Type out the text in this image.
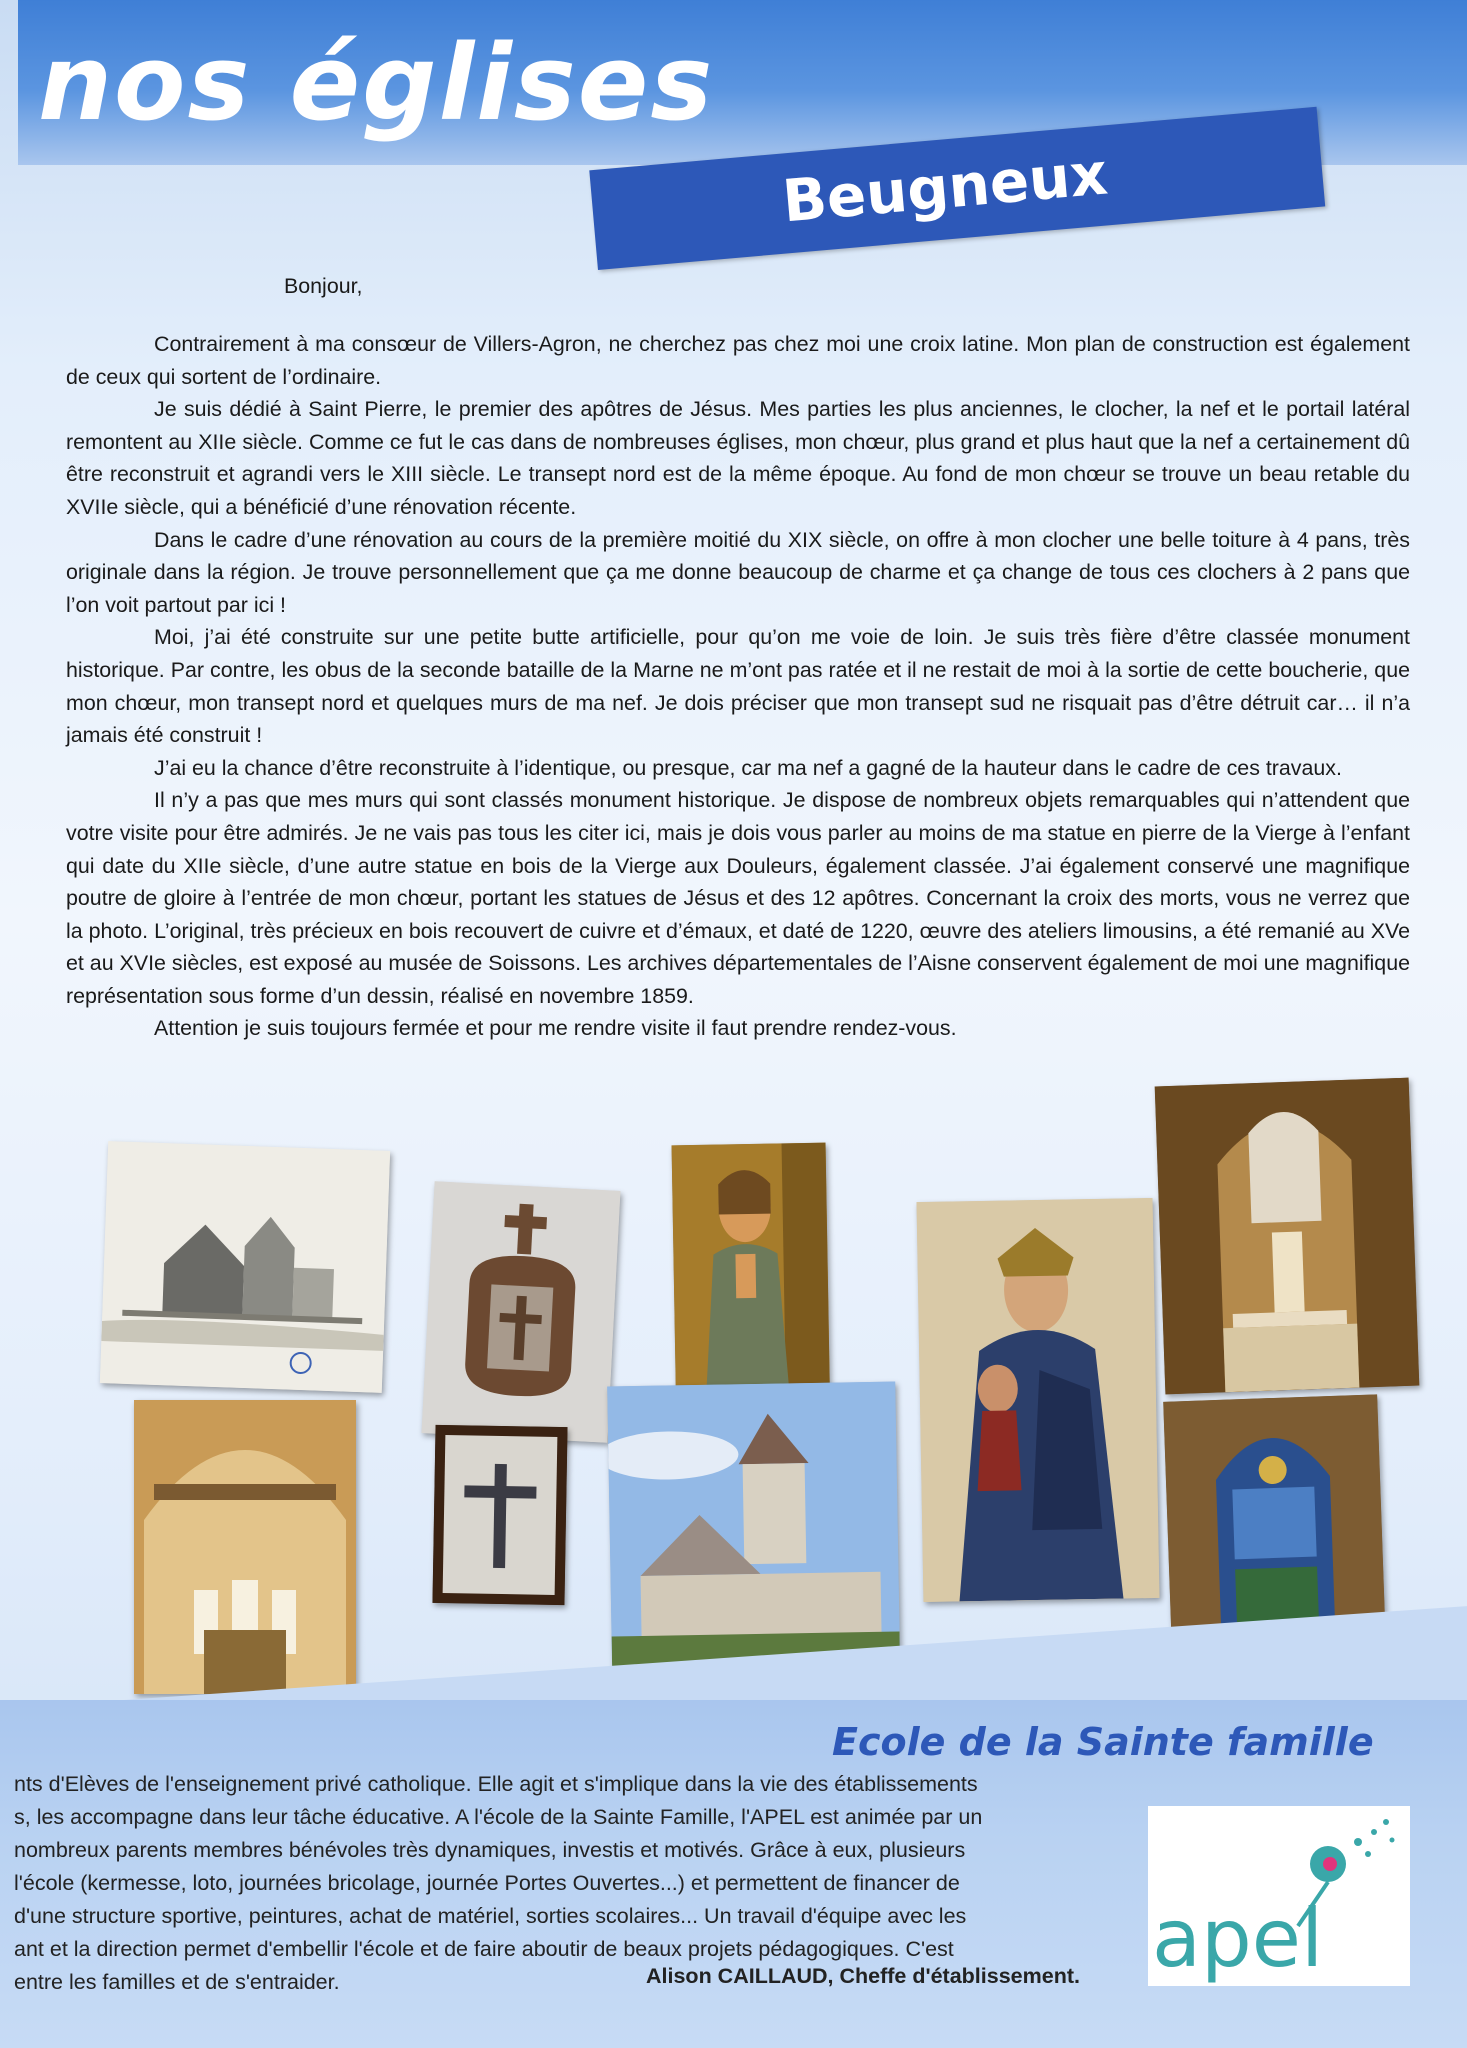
nos églises
Beugneux
Bonjour,

Contrairement à ma consœur de Villers-Agron, ne cherchez pas chez moi une croix latine. Mon plan de construction est également de ceux qui sortent de l’ordinaire.

Je suis dédié à Saint Pierre, le premier des apôtres de Jésus. Mes parties les plus anciennes, le clocher, la nef et le portail latéral remontent au XIIe siècle. Comme ce fut le cas dans de nombreuses églises, mon chœur, plus grand et plus haut que la nef a certainement dû être reconstruit et agrandi vers le XIII siècle. Le transept nord est de la même époque. Au fond de mon chœur se trouve un beau retable du XVIIe siècle, qui a bénéficié d’une rénovation récente.

Dans le cadre d’une rénovation au cours de la première moitié du XIX siècle, on offre à mon clocher une belle toiture à 4 pans, très originale dans la région. Je trouve personnellement que ça me donne beaucoup de charme et ça change de tous ces clochers à 2 pans que l’on voit partout par ici !

Moi, j’ai été construite sur une petite butte artificielle, pour qu’on me voie de loin. Je suis très fière d’être classée monument historique. Par contre, les obus de la seconde bataille de la Marne ne m’ont pas ratée et il ne restait de moi à la sortie de cette boucherie, que mon chœur, mon transept nord et quelques murs de ma nef. Je dois préciser que mon transept sud ne risquait pas d’être détruit car… il n’a jamais été construit !

J’ai eu la chance d’être reconstruite à l’identique, ou presque, car ma nef a gagné de la hauteur dans le cadre de ces travaux.

Il n’y a pas que mes murs qui sont classés monument historique. Je dispose de nombreux objets remarquables qui n’attendent que votre visite pour être admirés. Je ne vais pas tous les citer ici, mais je dois vous parler au moins de ma statue en pierre de la Vierge à l’enfant qui date du XIIe siècle, d’une autre statue en bois de la Vierge aux Douleurs, également classée. J’ai également conservé une magnifique poutre de gloire à l’entrée de mon chœur, portant les statues de Jésus et des 12 apôtres. Concernant la croix des morts, vous ne verrez que la photo. L’original, très précieux en bois recouvert de cuivre et d’émaux, et daté de 1220, œuvre des ateliers limousins, a été remanié au XVe et au XVIe siècles, est exposé au musée de Soissons. Les archives départementales de l’Aisne conservent également de moi une magnifique représentation sous forme d’un dessin, réalisé en novembre 1859.

Attention je suis toujours fermée et pour me rendre visite il faut prendre rendez-vous.

Ecole de la Sainte famille
nts d'Elèves de l'enseignement privé catholique. Elle agit et s'implique dans la vie des établissements
s, les accompagne dans leur tâche éducative. A l'école de la Sainte Famille, l'APEL est animée par un
nombreux parents membres bénévoles très dynamiques, investis et motivés. Grâce à eux, plusieurs
l'école (kermesse, loto, journées bricolage, journée Portes Ouvertes...) et permettent de financer de
d'une structure sportive, peintures, achat de matériel, sorties scolaires... Un travail d'équipe avec les
ant et la direction permet d'embellir l'école et de faire aboutir de beaux projets pédagogiques. C'est
entre les familles et de s'entraider.	Alison CAILLAUD, Cheffe d'établissement. apel
